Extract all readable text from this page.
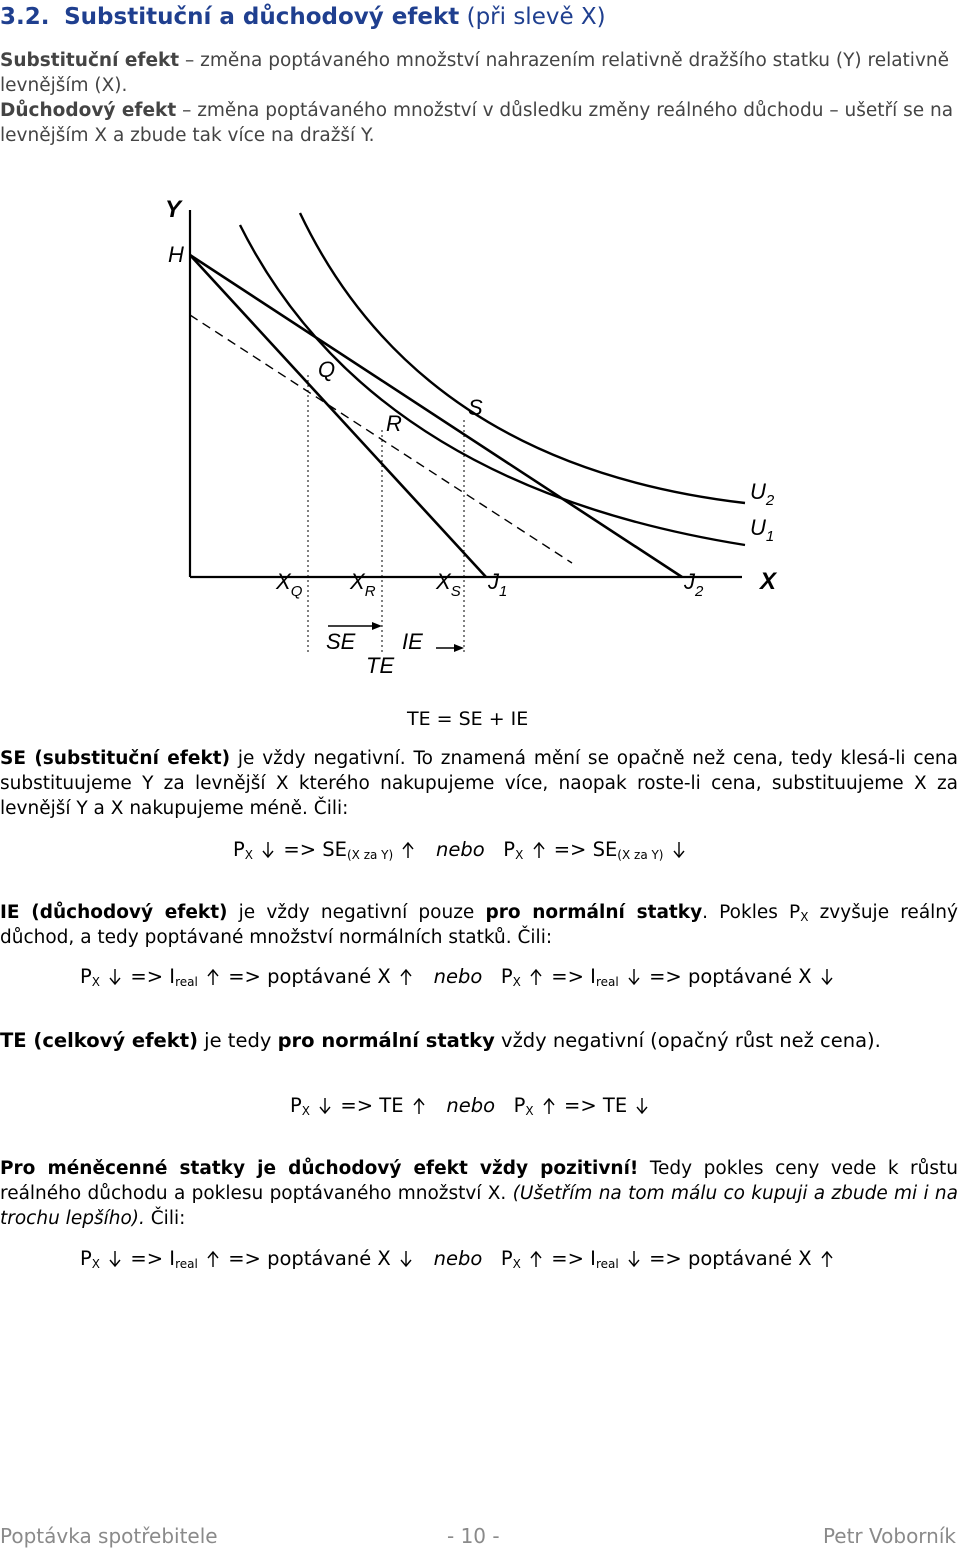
3.2. Substituční a důchodový efekt (při slevě X)
Substituční efekt – změna poptávaného množství nahrazením relativně dražšího statku (Y) relativně levnějším (X).
Důchodový efekt – změna poptávaného množství v důsledku změny reálného důchodu – ušetří se na levnějším X a zbude tak více na dražší Y.
Y
H
Q
R
S
$U_2$
$U_1$
X
$X_Q$ $X_R$	$X_S$ $J_1$	$J_2$
SE IE
TE
TE = SE + IE
SE (substituční efekt) je vždy negativní. To znamená mění se opačně než cena, tedy klesá-li cena substituujeme Y za levnější X kterého nakupujeme více, naopak roste-li cena, substituujeme X za levnější Y a X nakupujeme méně. Čili:
$P_X => SE_{(X za Y)}$ nebo $P_X => SE_{(X za Y)}$
IE (důchodový efekt) je vždy negativní pouze pro normální statky. Pokles $P_X$ zvyšuje reálný důchod, a tedy poptávané množství normálních statků. Čili:
$P_X => I_{real}$ => poptávané X nebo $P_X => I_{real}$ => poptávané X
TE (celkový efekt) je tedy pro normální statky vždy negativní (opačný růst než cena).
$P_X$ => TE nebo $P_X$ => TE
Pro méněcenné statky je důchodový efekt vždy pozitivní! Tedy pokles ceny vede k růstu reálného důchodu a poklesu poptávaného množství X. (Ušetřím na tom málu co kupuji a zbude mi i na trochu lepšího). Čili:
$P_X => I_{real}$ => poptávané X nebo $P_X => I_{real}$ => poptávané X
Poptávka spotřebitele	- 10 -	Petr Voborník
